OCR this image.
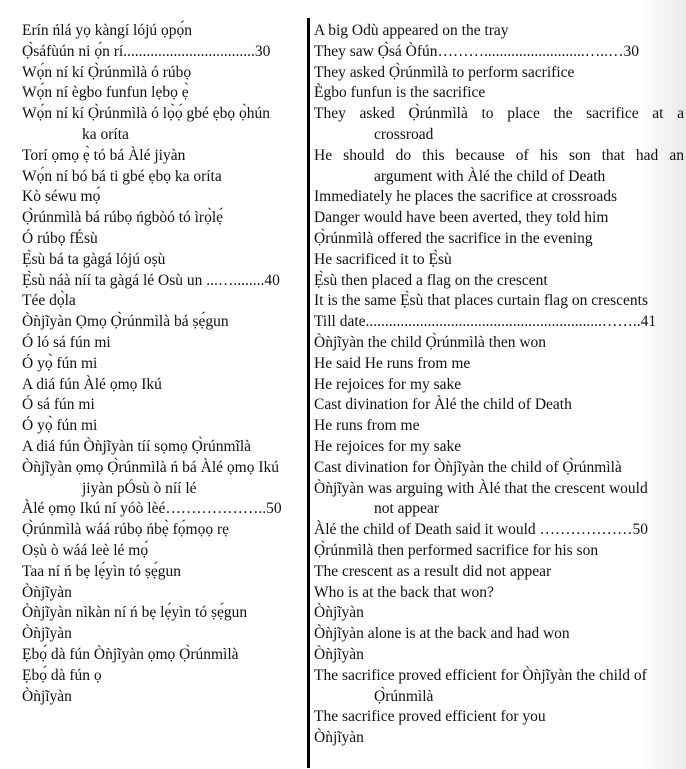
Erín ńlá yọ kàngí lójú ọpọ́n
Ọ̀sáfùún ni ọ́n rí..................................30
Wọ́n ní kí Ọ̀rúnmìlà ó rúbọ
Wọ́n ní ègbo funfun lẹbọ ẹ̀
Wọ́n ní kí Ọ̀rúnmìlà ó lọ̀ọ́ gbé ẹbọ ọ̀hún
ka oríta
Torí ọmọ ẹ̀ tó bá Àlé jiyàn
Wọ́n ní bó bá ti gbé ẹbọ ka oríta
Kò séwu mọ́
Ọ̀rúnmìlà bá rúbọ ńgbòó tó ìrọ̀lẹ́
Ó rúbọ fÉsù
Ẹ̀sù bá ta gàgá lójú oṣù
Ẹ̀sù náà níí ta gàgá lé Osù un ...…........40
Tée dọ̀la
Òǹjĩyàn Ọmọ Ọ̀rúnmìlà bá ṣẹ́gun
Ó ló sá fún mi
Ó yọ̀ fún mi
A diá fún Àlé ọmọ Ikú
Ó sá fún mi
Ó yọ̀ fún mi
A diá fún Òǹjĩyàn tíí sọmọ Ọ̀rúnmĩlà
Òǹjĩyàn ọmọ Ọ̀rúnmìlà ń bá Àlé ọmọ Ikú
jiyàn pÓsù ò níí lé
Àlé ọmọ Ikú ní yóò lèé………………..50
Ọ̀rúnmìlà wáá rúbọ ńbẹ̀ fọ́mọọ rẹ
Oṣù ò wáá leè lé mọ́
Taa ní ń bẹ lẹ́yìn tó ṣẹ́gun
Òǹjĩyàn
Òǹjĩyàn nìkàn ní ń bẹ lẹ́yìn tó ṣẹ́gun
Òǹjĩyàn
Ẹbọ́ dà fún Òǹjĩyàn ọmọ Ọ̀rúnmìlà
Ẹbọ́ dà fún ọ
Òǹjĩyàn
A big Odù appeared on the tray
They saw Ọ̀sá Òfún………..........................…..…30
They asked Ọ̀rúnmìlà to perform sacrifice
Ègbo funfun is the sacrifice
They asked Ọ̀rúnmìlà to place the sacrifice at a
crossroad
He should do this because of his son that had an
argument with Àlé the child of Death
Immediately he places the sacrifice at crossroads
Danger would have been averted, they told him
Ọ̀rúnmìlà offered the sacrifice in the evening
He sacrificed it to Ẹ̀sù
Ẹ̀sù then placed a flag on the crescent
It is the same Ẹ̀sù that places curtain flag on crescents
Till date.............................................................……..41
Òǹjĩyàn the child Ọ̀rúnmìlà then won
He said He runs from me
He rejoices for my sake
Cast divination for Àlé the child of Death
He runs from me
He rejoices for my sake
Cast divination for Òǹjĩyàn the child of Ọ̀rúnmìlà
Òǹjĩyàn was arguing with Àlé that the crescent would
not appear
Àlé the child of Death said it would ………………50
Ọ̀rúnmìlà then performed sacrifice for his son
The crescent as a result did not appear
Who is at the back that won?
Òǹjĩyàn
Òǹjĩyàn alone is at the back and had won
Òǹjĩyàn
The sacrifice proved efficient for Òǹjĩyàn the child of
Ọ̀rúnmìlà
The sacrifice proved efficient for you
Òǹjĩyàn
